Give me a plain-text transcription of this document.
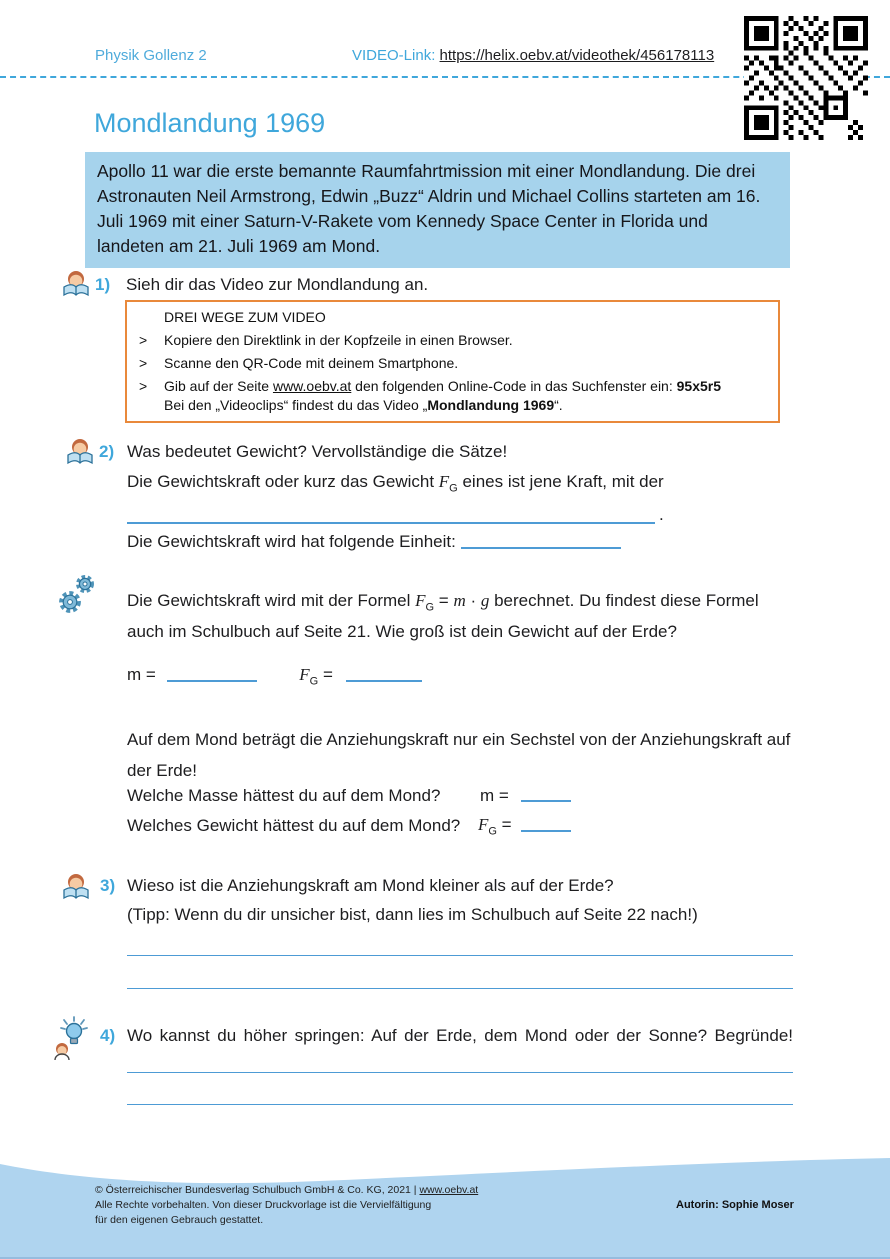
Physik Gollenz 2	VIDEO-Link: https://helix.oebv.at/videothek/456178113
Mondlandung 1969
Apollo 11 war die erste bemannte Raumfahrtmission mit einer Mondlandung. Die drei Astronauten Neil Armstrong, Edwin „Buzz“ Aldrin und Michael Collins starteten am 16. Juli 1969 mit einer Saturn-V-Rakete vom Kennedy Space Center in Florida und landeten am 21. Juli 1969 am Mond.
1) Sieh dir das Video zur Mondlandung an.
DREI WEGE ZUM VIDEO
>	Kopiere den Direktlink in der Kopfzeile in einen Browser.
>	Scanne den QR-Code mit deinem Smartphone.
>	Gib auf der Seite www.oebv.at den folgenden Online-Code in das Suchfenster ein: 95x5r5
Bei den „Videoclips“ findest du das Video „Mondlandung 1969“.
2) Was bedeutet Gewicht? Vervollständige die Sätze!
Die Gewichtskraft oder kurz das Gewicht $F_G$ eines ist jene Kraft, mit der
.
Die Gewichtskraft wird hat folgende Einheit:
Die Gewichtskraft wird mit der Formel $F_G = m \cdot g$ berechnet. Du findest diese Formel
auch im Schulbuch auf Seite 21. Wie groß ist dein Gewicht auf der Erde?
m =	$F_G$ =
Auf dem Mond beträgt die Anziehungskraft nur ein Sechstel von der Anziehungskraft auf der Erde!
Welche Masse hättest du auf dem Mond? m =
Welches Gewicht hättest du auf dem Mond? $F_G$ =
3) Wieso ist die Anziehungskraft am Mond kleiner als auf der Erde?
(Tipp: Wenn du dir unsicher bist, dann lies im Schulbuch auf Seite 22 nach!)
4) Wo kannst du höher springen: Auf der Erde, dem Mond oder der Sonne? Begründe!
© Österreichischer Bundesverlag Schulbuch GmbH & Co. KG, 2021 | www.oebv.at
Alle Rechte vorbehalten. Von dieser Druckvorlage ist die Vervielfältigung
für den eigenen Gebrauch gestattet.
Autorin: Sophie Moser
